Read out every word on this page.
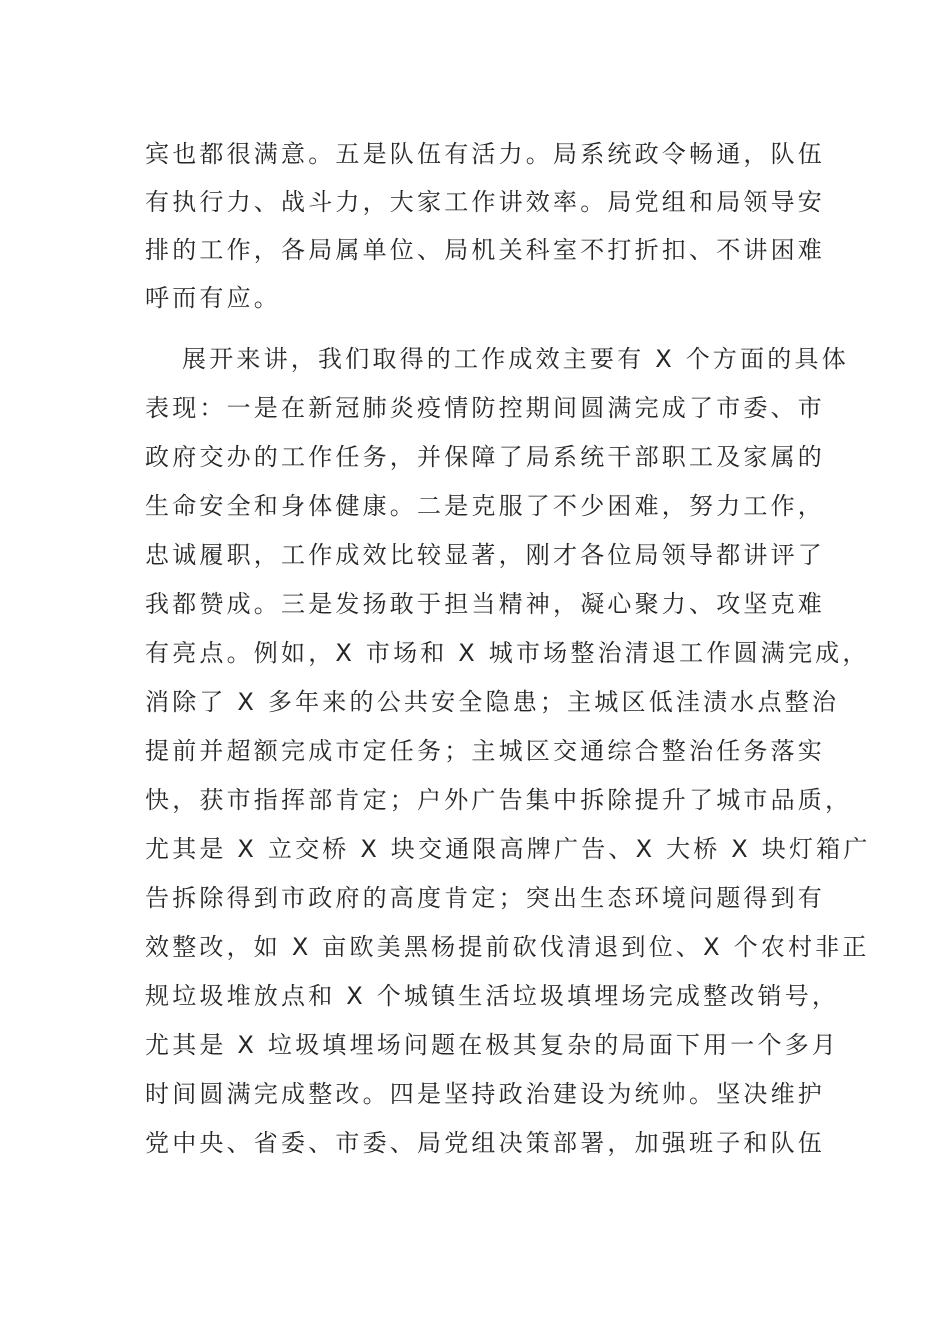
宾也都很满意。五是队伍有活力。局系统政令畅通，队伍
有执行力、战斗力，大家工作讲效率。局党组和局领导安
排的工作，各局属单位、局机关科室不打折扣、不讲困难
呼而有应。
展开来讲，我们取得的工作成效主要有 X 个方面的具体
表现：一是在新冠肺炎疫情防控期间圆满完成了市委、市
政府交办的工作任务，并保障了局系统干部职工及家属的
生命安全和身体健康。二是克服了不少困难，努力工作，
忠诚履职，工作成效比较显著，刚才各位局领导都讲评了
我都赞成。三是发扬敢于担当精神，凝心聚力、攻坚克难
有亮点。例如，X 市场和 X 城市场整治清退工作圆满完成，
消除了 X 多年来的公共安全隐患；主城区低洼渍水点整治
提前并超额完成市定任务；主城区交通综合整治任务落实
快，获市指挥部肯定；户外广告集中拆除提升了城市品质，
尤其是 X 立交桥 X 块交通限高牌广告、X 大桥 X 块灯箱广
告拆除得到市政府的高度肯定；突出生态环境问题得到有
效整改，如 X 亩欧美黑杨提前砍伐清退到位、X 个农村非正
规垃圾堆放点和 X 个城镇生活垃圾填埋场完成整改销号，
尤其是 X 垃圾填埋场问题在极其复杂的局面下用一个多月
时间圆满完成整改。四是坚持政治建设为统帅。坚决维护
党中央、省委、市委、局党组决策部署，加强班子和队伍
